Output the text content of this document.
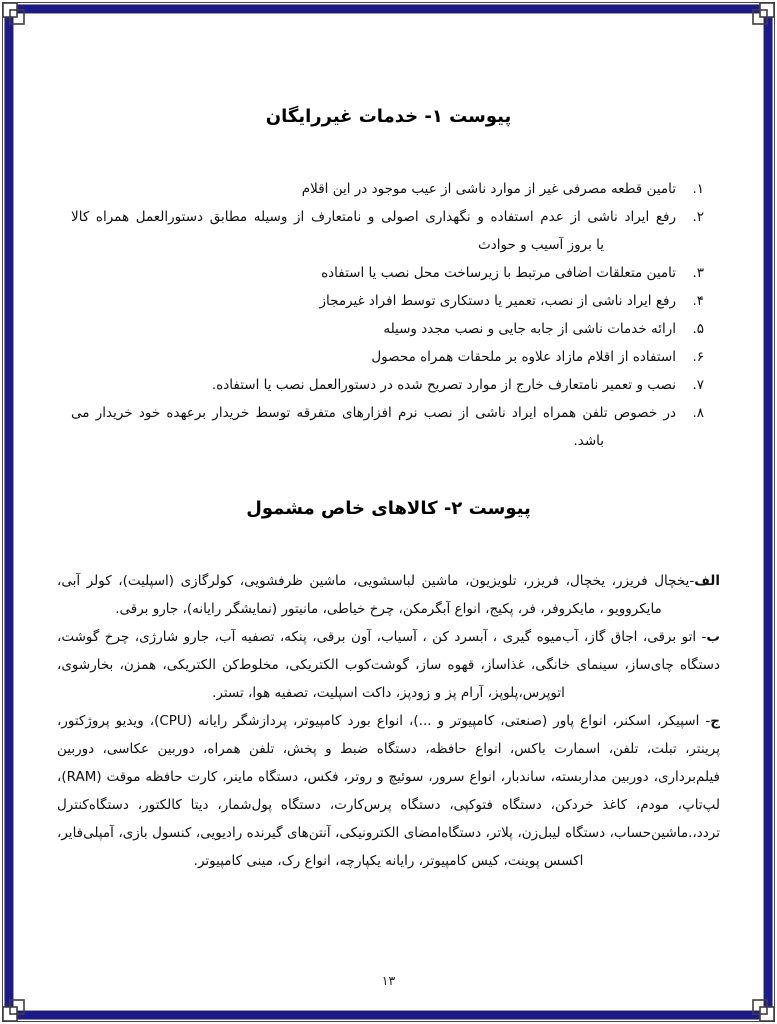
پیوست ۱- خدمات غیررایگان
۱.
تامین قطعه مصرفی غیر از موارد ناشی از عیب موجود در این اقلام
۲.
رفع ایراد ناشی از عدم استفاده و نگهداری اصولی و نامتعارف از وسیله مطابق دستورالعمل همراه کالا
یا بروز آسیب و حوادث
۳.
تامین متعلقات اضافی مرتبط با زیرساخت محل نصب یا استفاده
۴.
رفع ایراد ناشی از نصب، تعمیر یا دستکاری توسط افراد غیرمجاز
۵.
ارائه خدمات ناشی از جابه جایی و نصب مجدد وسیله
۶.
استفاده از اقلام مازاد علاوه بر ملحقات همراه محصول
۷.
نصب و تعمیر نامتعارف خارج از موارد تصریح شده در دستورالعمل نصب یا استفاده.
۸.
در خصوص تلفن همراه ایراد ناشی از نصب نرم افزارهای متفرقه توسط خریدار برعهده خود خریدار می
باشد.
پیوست ۲- کالاهای خاص مشمول

الف-یخچال فریزر، یخچال، فریزر، تلویزیون، ماشین لباسشویی، ماشین ظرفشویی، کولرگازی (اسپلیت)، کولر آبی، مایکروویو ، مایکروفر، فر، پکیج، انواع آبگرمکن، چرخ خیاطی، مانیتور (نمایشگر رایانه)، جارو برقی.

ب- اتو برقی، اجاق گاز، آب‌میوه گیری ، آبسرد کن ، آسیاب، آون برقی، پنکه، تصفیه آب، جارو شارژی، چرخ گوشت، دستگاه چای‌ساز، سینمای خانگی، غذاساز، قهوه ساز، گوشت‌کوب الکتریکی، مخلوط‌کن الکتریکی، همزن، بخارشوی، اتوپرس،پلوپز، آرام پز و زودپز، داکت اسپلیت، تصفیه هوا، تستر.

ج- اسپیکر، اسکنر، انواع پاور (صنعتی، کامپیوتر و ...)، انواع بورد کامپیوتر، پردازشگر رایانه (CPU)، ویدیو پروژکتور، پرینتر، تبلت، تلفن، اسمارت باکس، انواع حافظه، دستگاه ضبط و پخش، تلفن همراه، دوربین عکاسی، دوربین فیلم‌برداری، دوربین مداربسته، ساندبار، انواع سرور، سوئیچ و روتر، فکس، دستگاه ماینر، کارت حافظه موقت (RAM)، لپ‌تاپ، مودم، کاغذ خردکن، دستگاه فتوکپی، دستگاه پرس‌کارت، دستگاه پول‌شمار، دیتا کالکتور، دستگاه‌کنترل تردد،.ماشین‌حساب، دستگاه لیبل‌زن، پلاتر، دستگاه‌امضای الکترونیکی، آنتن‌های گیرنده رادیویی، کنسول بازی، آمپلی‌فایر، اکسس پوینت، کیس کامپیوتر، رایانه یکپارچه، انواع رک، مینی کامپیوتر.

۱۳
